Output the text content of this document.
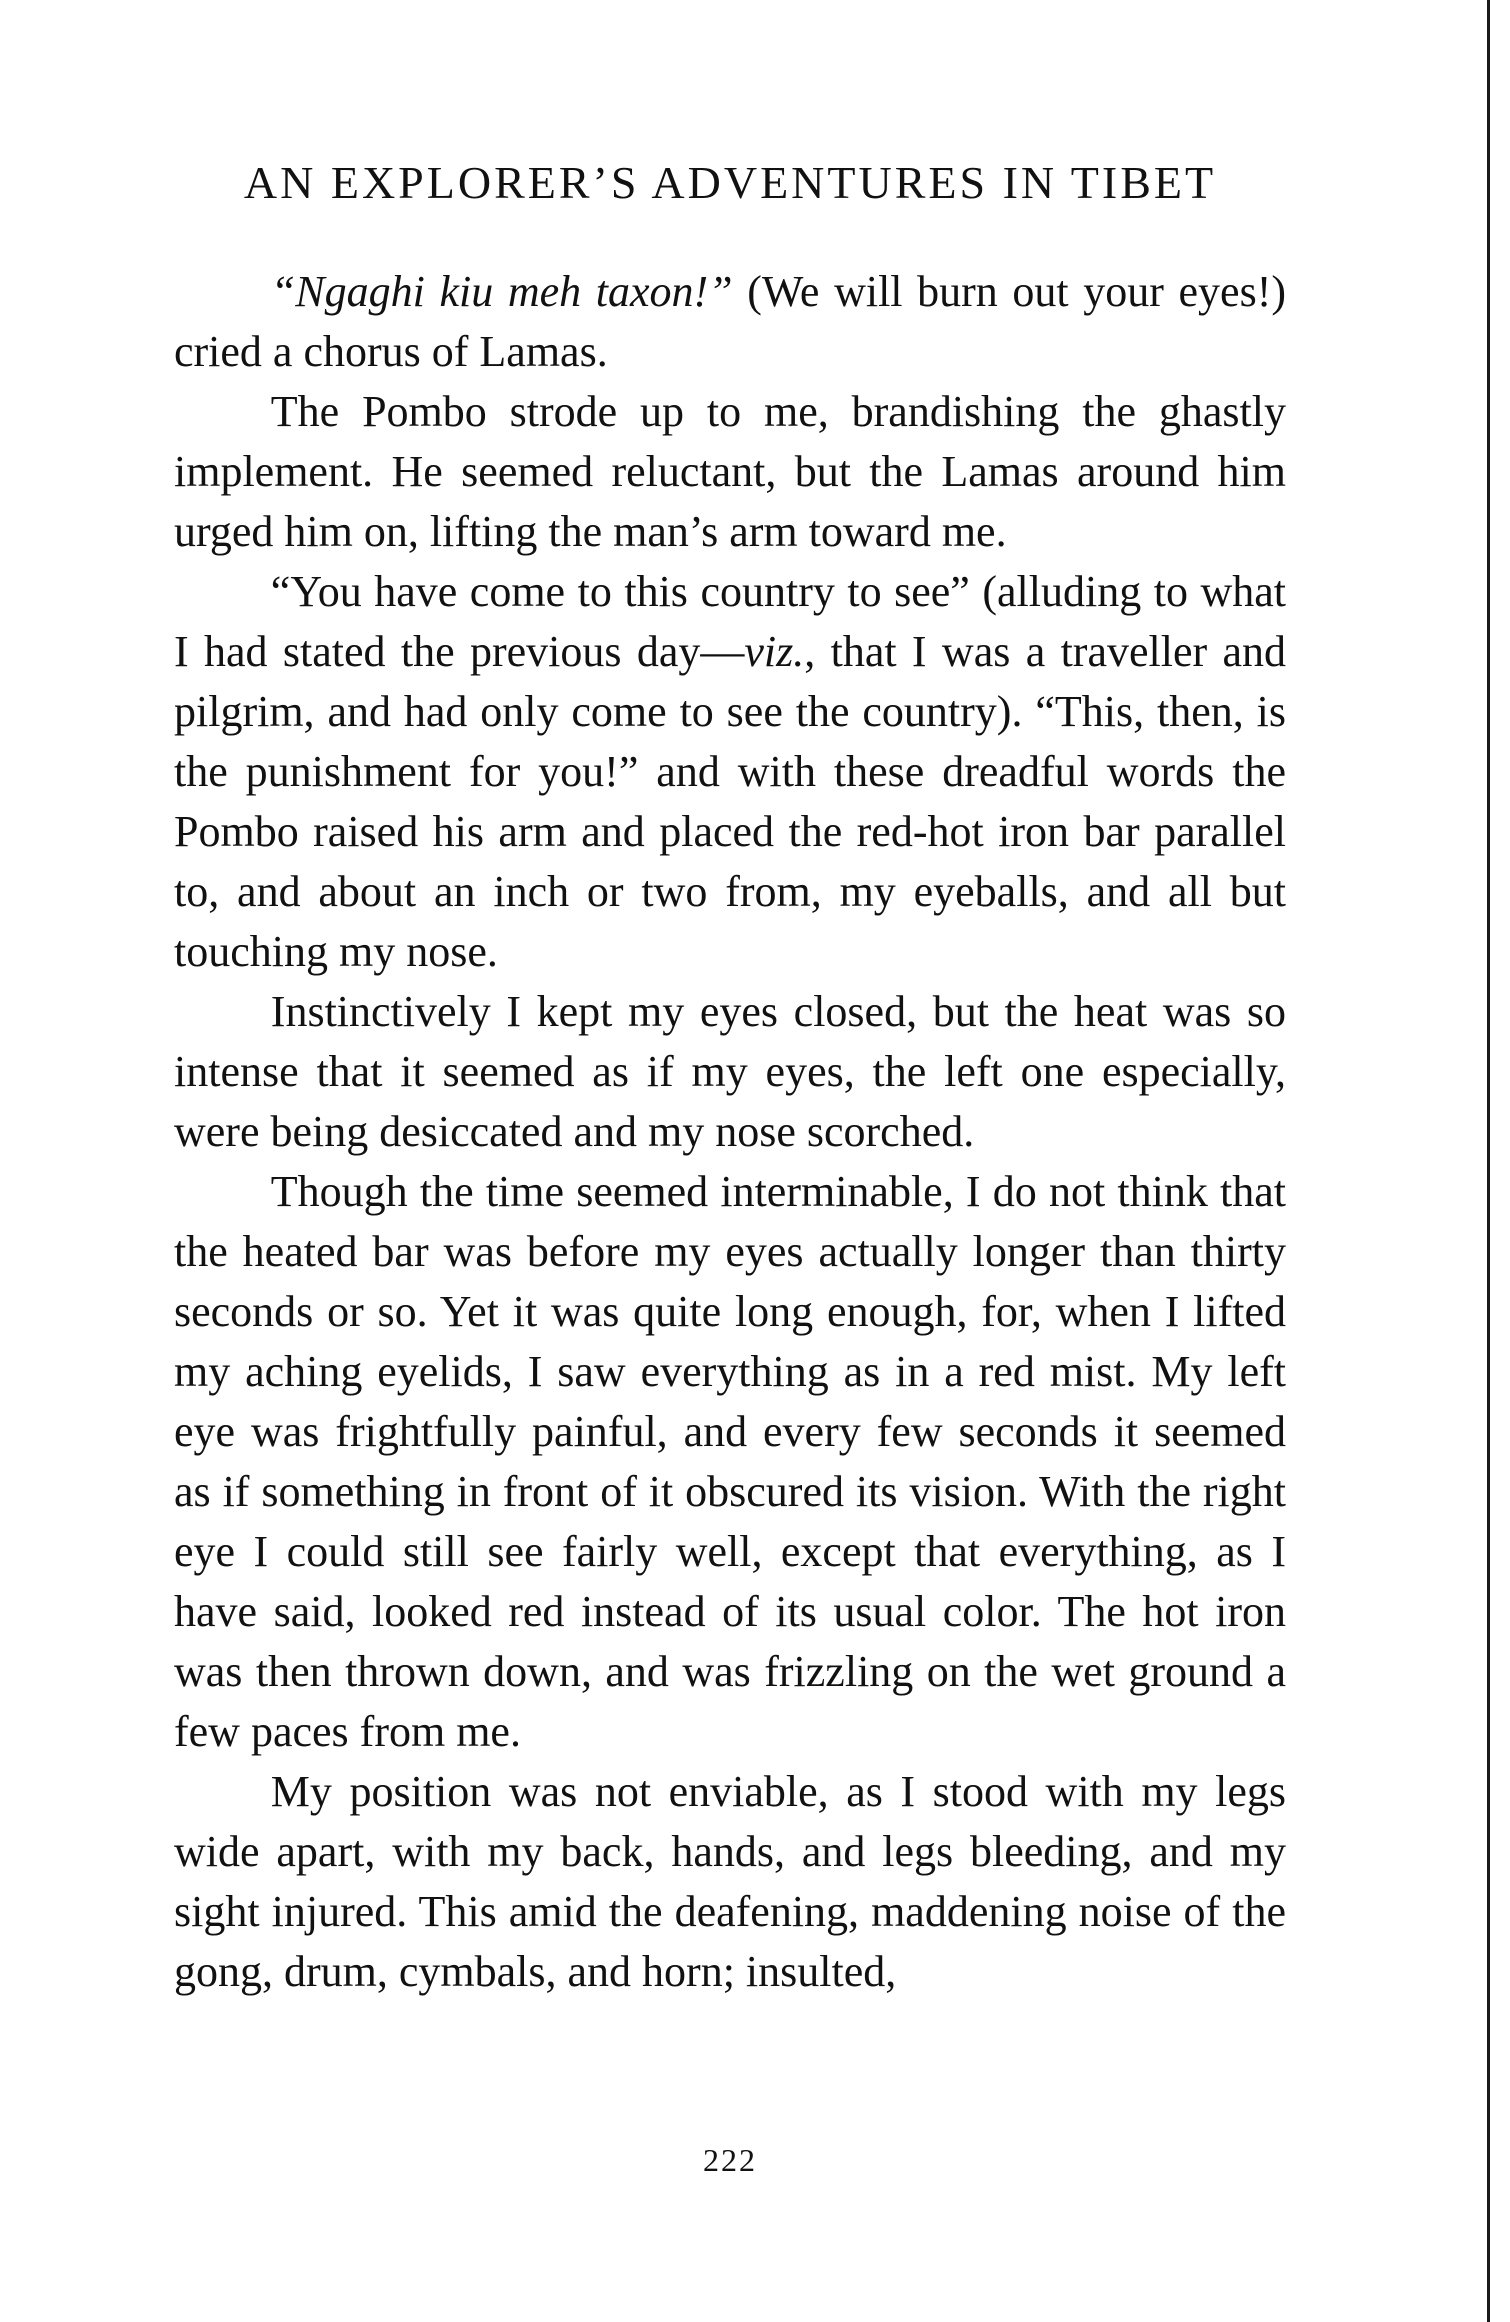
AN EXPLORER’S ADVENTURES IN TIBET

“Ngaghi kiu meh taxon!” (We will burn out your eyes!) cried a chorus of Lamas.

The Pombo strode up to me, brandishing the ghastly implement. He seemed reluctant, but the Lamas around him urged him on, lifting the man’s arm toward me.

“You have come to this country to see” (alluding to what I had stated the previous day—viz., that I was a traveller and pilgrim, and had only come to see the country). “This, then, is the punishment for you!” and with these dreadful words the Pombo raised his arm and placed the red-hot iron bar parallel to, and about an inch or two from, my eyeballs, and all but touching my nose.

Instinctively I kept my eyes closed, but the heat was so intense that it seemed as if my eyes, the left one especially, were being desiccated and my nose scorched.

Though the time seemed interminable, I do not think that the heated bar was before my eyes actually longer than thirty seconds or so. Yet it was quite long enough, for, when I lifted my aching eyelids, I saw everything as in a red mist. My left eye was frightfully painful, and every few seconds it seemed as if something in front of it obscured its vision. With the right eye I could still see fairly well, except that everything, as I have said, looked red instead of its usual color. The hot iron was then thrown down, and was frizzling on the wet ground a few paces from me.

My position was not enviable, as I stood with my legs wide apart, with my back, hands, and legs bleeding, and my sight injured. This amid the deafening, maddening noise of the gong, drum, cymbals, and horn; insulted,

222
